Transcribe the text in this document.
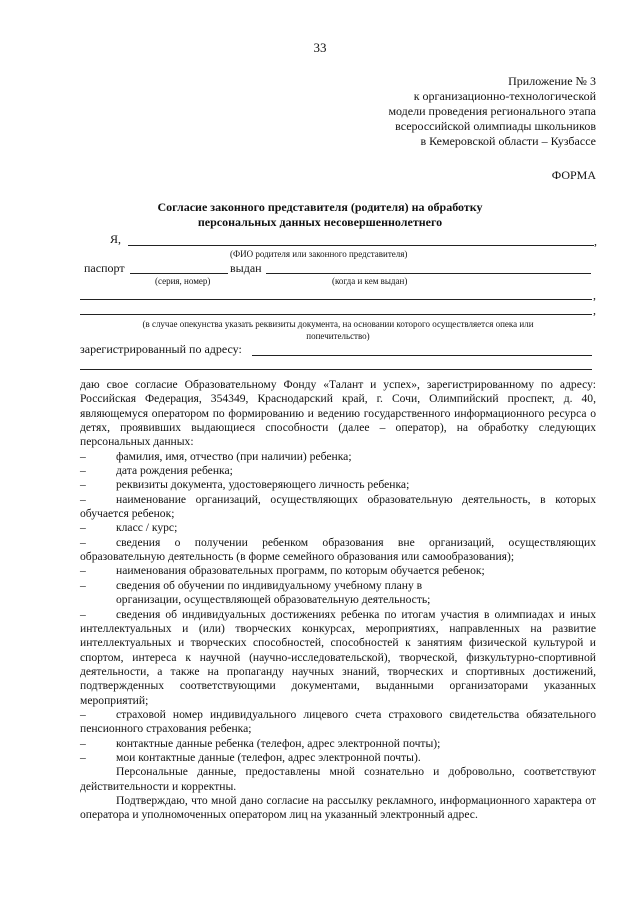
33
Приложение № 3
к организационно-технологической
модели проведения регионального этапа
всероссийской олимпиады школьников
в Кемеровской области – Кузбассе
ФОРМА
Согласие законного представителя (родителя) на обработку
персональных данных несовершеннолетнего
Я,	,
(ФИО родителя или законного представителя)
паспорт	выдан
(серия, номер)	(когда и кем выдан)
,
,
(в случае опекунства указать реквизиты документа, на основании которого осуществляется опека или
попечительство)
зарегистрированный по адресу:

даю свое согласие Образовательному Фонду «Талант и успех», зарегистрированному по адресу: Российская Федерация, 354349, Краснодарский край, г. Сочи, Олимпийский проспект, д. 40, являющемуся оператором по формированию и ведению государственного информационного ресурса о детях, проявивших выдающиеся способности (далее – оператор), на обработку следующих персональных данных:

–	фамилия, имя, отчество (при наличии) ребенка;

–	дата рождения ребенка;

–	реквизиты документа, удостоверяющего личность ребенка;

–	наименование организаций, осуществляющих образовательную деятельность, в которых обучается ребенок;

–	класс / курс;

–	сведения о получении ребенком образования вне организаций, осуществляющих образовательную деятельность (в форме семейного образования или самообразования);

–	наименования образовательных программ, по которым обучается ребенок;

–	сведения об обучении по индивидуальному учебному плану в

организации, осуществляющей образовательную деятельность;

–	сведения об индивидуальных достижениях ребенка по итогам участия в олимпиадах и иных интеллектуальных и (или) творческих конкурсах, мероприятиях, направленных на развитие интеллектуальных и творческих способностей, способностей к занятиям физической культурой и спортом, интереса к научной (научно-исследовательской), творческой, физкультурно-спортивной деятельности, а также на пропаганду научных знаний, творческих и спортивных достижений, подтвержденных соответствующими документами, выданными организаторами указанных мероприятий;

–	страховой номер индивидуального лицевого счета страхового свидетельства обязательного пенсионного страхования ребенка;

–	контактные данные ребенка (телефон, адрес электронной почты);

–	мои контактные данные (телефон, адрес электронной почты).

Персональные данные, предоставлены мной сознательно и добровольно, соответствуют действительности и корректны.

Подтверждаю, что мной дано согласие на рассылку рекламного, информационного характера от оператора и уполномоченных оператором лиц на указанный электронный адрес.
